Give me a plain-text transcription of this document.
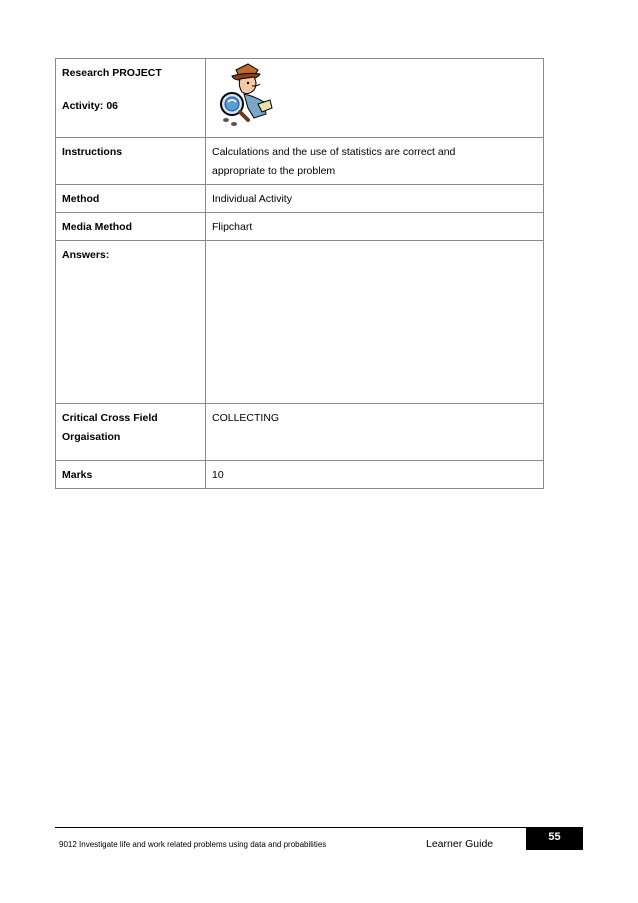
Research PROJECT
Activity: 06

Instructions	Calculations and the use of statistics are correct and
appropriate to the problem
Method	Individual Activity
Media Method	Flipchart
Answers:	
Critical Cross Field
Orgaisation	COLLECTING
Marks	10
9012 Investigate life and work related problems using data and probabilities	Learner Guide
55
